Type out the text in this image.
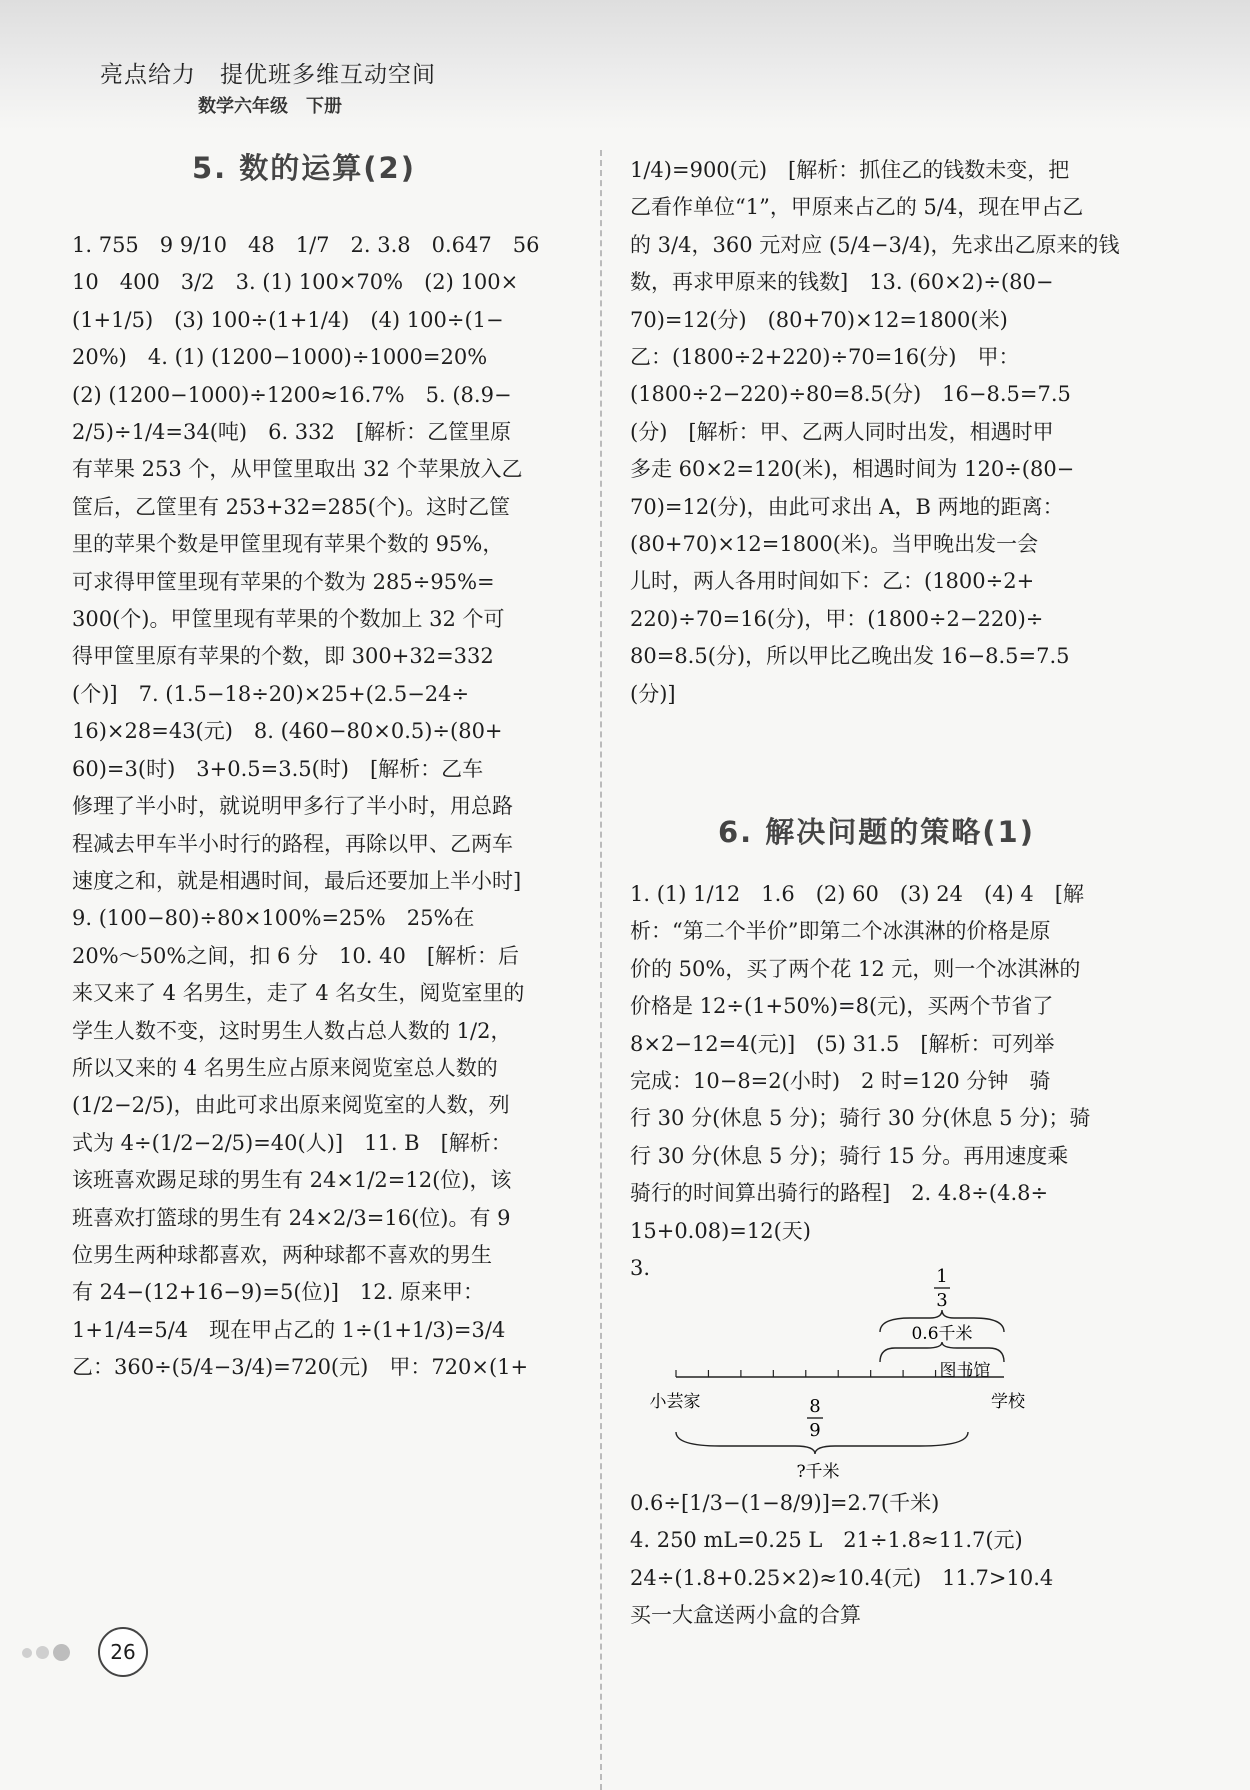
亮点给力　提优班多维互动空间
数学六年级　下册
5. 数的运算(2)
1. 755　9 9/10　48　1/7　2. 3.8　0.647　56
10　400　3/2　3. (1) 100×70%　(2) 100×
(1+1/5)　(3) 100÷(1+1/4)　(4) 100÷(1−
20%)　4. (1) (1200−1000)÷1000=20%
(2) (1200−1000)÷1200≈16.7%　5. (8.9−
2/5)÷1/4=34(吨)　6. 332　[解析：乙筐里原
有苹果 253 个，从甲筐里取出 32 个苹果放入乙
筐后，乙筐里有 253+32=285(个)。这时乙筐
里的苹果个数是甲筐里现有苹果个数的 95%，
可求得甲筐里现有苹果的个数为 285÷95%=
300(个)。甲筐里现有苹果的个数加上 32 个可
得甲筐里原有苹果的个数，即 300+32=332
(个)]　7. (1.5−18÷20)×25+(2.5−24÷
16)×28=43(元)　8. (460−80×0.5)÷(80+
60)=3(时)　3+0.5=3.5(时)　[解析：乙车
修理了半小时，就说明甲多行了半小时，用总路
程减去甲车半小时行的路程，再除以甲、乙两车
速度之和，就是相遇时间，最后还要加上半小时]
9. (100−80)÷80×100%=25%　25%在
20%～50%之间，扣 6 分　10. 40　[解析：后
来又来了 4 名男生，走了 4 名女生，阅览室里的
学生人数不变，这时男生人数占总人数的 1/2，
所以又来的 4 名男生应占原来阅览室总人数的
(1/2−2/5)，由此可求出原来阅览室的人数，列
式为 4÷(1/2−2/5)=40(人)]　11. B　[解析：
该班喜欢踢足球的男生有 24×1/2=12(位)，该
班喜欢打篮球的男生有 24×2/3=16(位)。有 9
位男生两种球都喜欢，两种球都不喜欢的男生
有 24−(12+16−9)=5(位)]　12. 原来甲：
1+1/4=5/4　现在甲占乙的 1÷(1+1/3)=3/4
乙：360÷(5/4−3/4)=720(元)　甲：720×(1+
1/4)=900(元)　[解析：抓住乙的钱数未变，把
乙看作单位“1”，甲原来占乙的 5/4，现在甲占乙
的 3/4，360 元对应 (5/4−3/4)，先求出乙原来的钱
数，再求甲原来的钱数]　13. (60×2)÷(80−
70)=12(分)　(80+70)×12=1800(米)
乙：(1800÷2+220)÷70=16(分)　甲：
(1800÷2−220)÷80=8.5(分)　16−8.5=7.5
(分)　[解析：甲、乙两人同时出发，相遇时甲
多走 60×2=120(米)，相遇时间为 120÷(80−
70)=12(分)，由此可求出 A，B 两地的距离：
(80+70)×12=1800(米)。当甲晚出发一会
儿时，两人各用时间如下：乙：(1800÷2+
220)÷70=16(分)，甲：(1800÷2−220)÷
80=8.5(分)，所以甲比乙晚出发 16−8.5=7.5
(分)]
6. 解决问题的策略(1)
1. (1) 1/12　1.6　(2) 60　(3) 24　(4) 4　[解
析：“第二个半价”即第二个冰淇淋的价格是原
价的 50%，买了两个花 12 元，则一个冰淇淋的
价格是 12÷(1+50%)=8(元)，买两个节省了
8×2−12=4(元)]　(5) 31.5　[解析：可列举
完成：10−8=2(小时)　2 时=120 分钟　骑
行 30 分(休息 5 分)；骑行 30 分(休息 5 分)；骑
行 30 分(休息 5 分)；骑行 15 分。再用速度乘
骑行的时间算出骑行的路程]　2. 4.8÷(4.8÷
15+0.08)=12(天)
3.	1
3
0.6千米
图书馆
小芸家	学校
8
9
?千米
0.6÷[1/3−(1−8/9)]=2.7(千米)
4. 250 mL=0.25 L　21÷1.8≈11.7(元)
24÷(1.8+0.25×2)≈10.4(元)　11.7>10.4
买一大盒送两小盒的合算
26
